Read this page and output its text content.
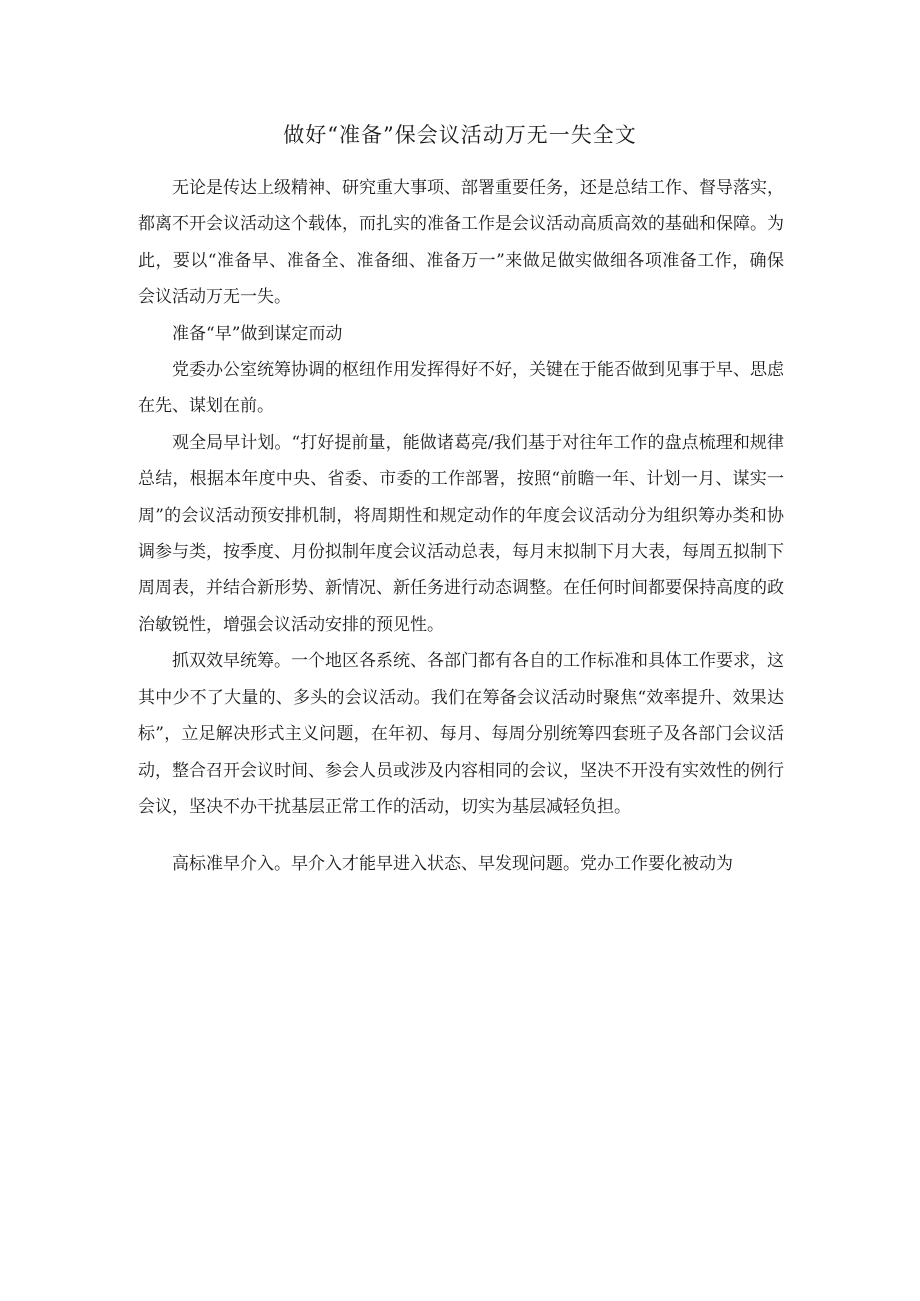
做好“准备”保会议活动万无一失全文

无论是传达上级精神、研究重大事项、部署重要任务，还是总结工作、督导落实，都离不开会议活动这个载体，而扎实的准备工作是会议活动高质高效的基础和保障。为此，要以“准备早、准备全、准备细、准备万一”来做足做实做细各项准备工作，确保会议活动万无一失。

准备“早”做到谋定而动

党委办公室统筹协调的枢纽作用发挥得好不好，关键在于能否做到见事于早、思虑在先、谋划在前。

观全局早计划。“打好提前量，能做诸葛亮/我们基于对往年工作的盘点梳理和规律总结，根据本年度中央、省委、市委的工作部署，按照“前瞻一年、计划一月、谋实一周”的会议活动预安排机制，将周期性和规定动作的年度会议活动分为组织筹办类和协调参与类，按季度、月份拟制年度会议活动总表，每月末拟制下月大表，每周五拟制下周周表，并结合新形势、新情况、新任务进行动态调整。在任何时间都要保持高度的政治敏锐性，增强会议活动安排的预见性。

抓双效早统筹。一个地区各系统、各部门都有各自的工作标准和具体工作要求，这其中少不了大量的、多头的会议活动。我们在筹备会议活动时聚焦“效率提升、效果达标”，立足解决形式主义问题，在年初、每月、每周分别统筹四套班子及各部门会议活动，整合召开会议时间、参会人员或涉及内容相同的会议，坚决不开没有实效性的例行会议，坚决不办干扰基层正常工作的活动，切实为基层减轻负担。

高标准早介入。早介入才能早进入状态、早发现问题。党办工作要化被动为
